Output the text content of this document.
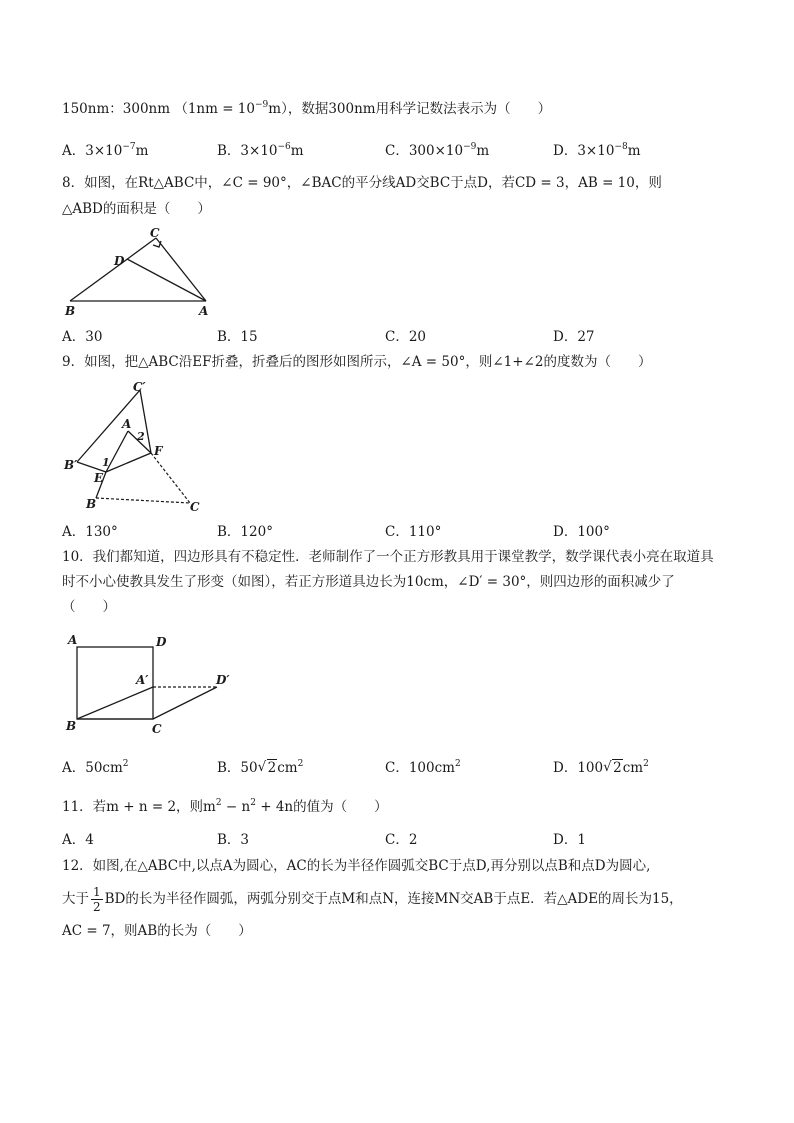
150nm：300nm $(1nm = 10^{-9}m)$，数据300nm用科学记数法表示为（　　）
A．$3\times 10^{-7}m$	B．$3\times 10^{-6}m$	C．$300\times 10^{-9}m$	D．$3\times 10^{-8}m$
8．如图，在Rt△ABC中，∠C = 90°，∠BAC的平分线AD交BC于点D，若CD = 3，AB = 10，则
△ABD的面积是（　　）
C
D
B	A
A．30	B．15	C．20	D．27
9．如图，把△ABC沿EF折叠，折叠后的图形如图所示，∠A = 50°，则∠1+∠2的度数为（　　）
C′
A
2
F
B′ 1
E
B	C
A．130°	B．120°	C．110°	D．100°
10．我们都知道，四边形具有不稳定性．老师制作了一个正方形教具用于课堂教学，数学课代表小亮在取道具
时不小心使教具发生了形变（如图），若正方形道具边长为10cm，∠D′ = 30°，则四边形的面积减少了
（　　）
A	D
A′	D′
B	C
A．$50cm^2$	B．50 √ $2cm^2$	C．$100cm^2$	D．100 √ $2cm^2$
11．若m + n = 2，则$m^2 - n^2 + 4n$的值为（　　）
A．4	B．3	C．2	D．1
12．如图,在△ABC中,以点A为圆心，AC的长为半径作圆弧交BC于点D,再分别以点B和点D为圆心,
大于 $\frac{1}{2}$ BD的长为半径作圆弧，两弧分别交于点M和点N，连接MN交AB于点E．若△ADE的周长为15，
AC = 7，则AB的长为（　　）
